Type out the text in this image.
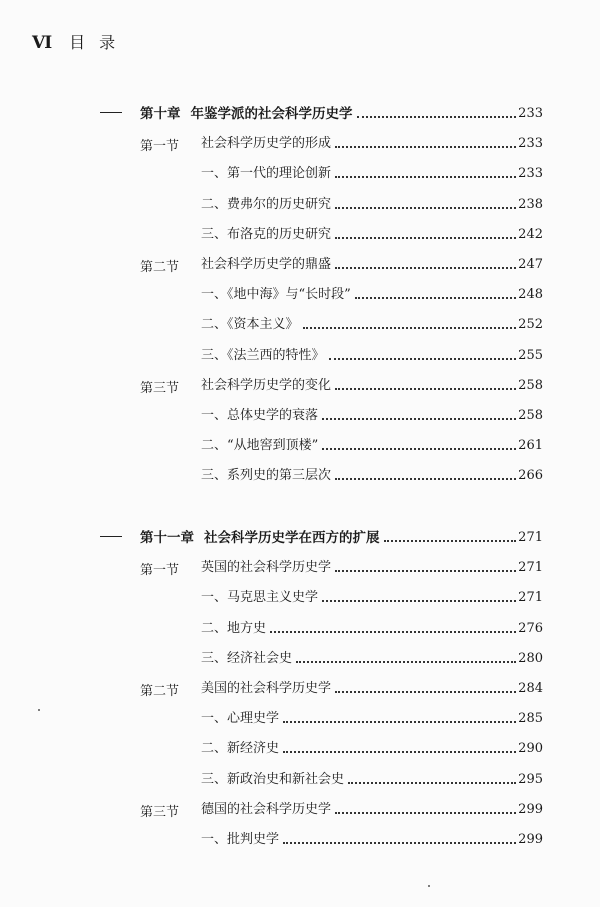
VI 目录
第十章 年鉴学派的社会科学历史学	233
第一节 社会科学历史学的形成	233
一、第一代的理论创新	233
二、费弗尔的历史研究	238
三、布洛克的历史研究	242
第二节 社会科学历史学的鼎盛	247
一、《地中海》与“长时段”	248
二、《资本主义》	252
三、《法兰西的特性》	255
第三节 社会科学历史学的变化	258
一、总体史学的衰落	258
二、“从地窖到顶楼”	261
三、系列史的第三层次	266
第十一章 社会科学历史学在西方的扩展	271
第一节 英国的社会科学历史学	271
一、马克思主义史学	271
二、地方史	276
三、经济社会史	280
第二节 美国的社会科学历史学	284
一、心理史学	285
二、新经济史	290
三、新政治史和新社会史	295
第三节 德国的社会科学历史学	299
一、批判史学	299
